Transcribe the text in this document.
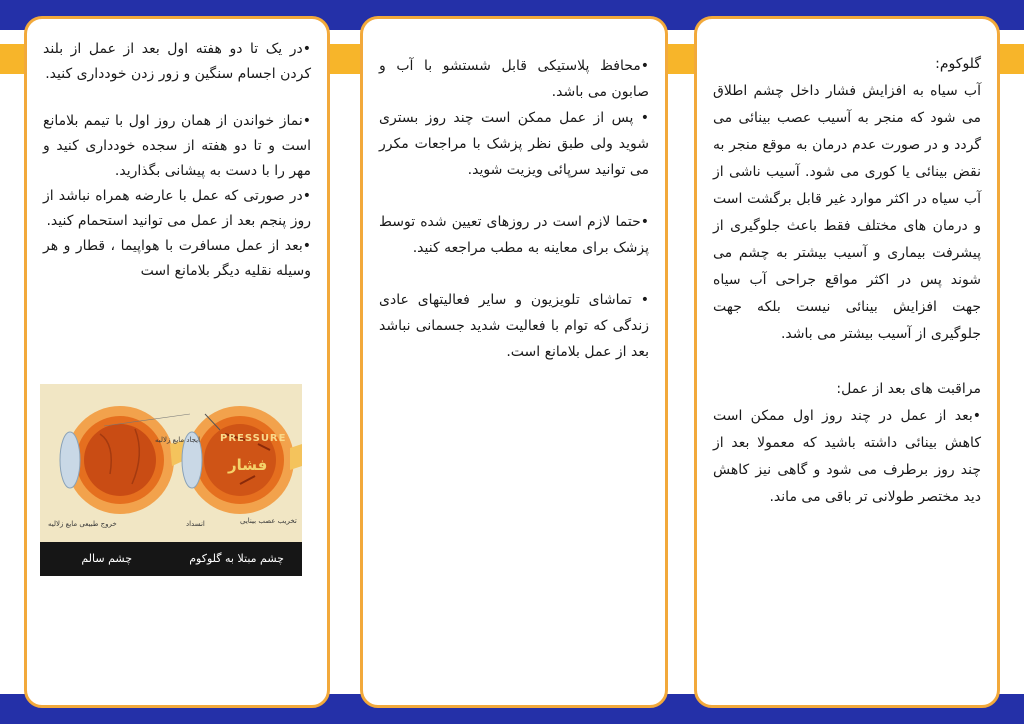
•در یک تا دو هفته اول بعد از عمل از بلند کردن اجسام سنگین و زور زدن خودداری کنید.

•نماز خواندن از همان روز اول با تیمم بلامانع است و تا دو هفته از سجده خودداری کنید و مهر را با دست به پیشانی بگذارید.

•در صورتی که عمل با عارضه همراه نباشد از روز پنجم بعد از عمل می توانید استحمام کنید.

•بعد از عمل مسافرت با هواپیما ، قطار و هر وسیله نقلیه دیگر بلامانع است

ایجاد مایع زلالیه PRESSURE
فشار
خروج طبیعی مایع زلالیه	انسداد	تخریب عصب بینایی
چشم مبتلا به گلوکوم
چشم سالم

•محافظ پلاستیکی قابل شستشو با آب و صابون می باشد.

• پس از عمل ممکن است چند روز بستری شوید ولی طبق نظر پزشک با مراجعات مکرر می توانید سرپائی ویزیت شوید.

•حتما لازم است در روزهای تعیین شده توسط پزشک برای معاینه به مطب مراجعه کنید.

• تماشای تلویزیون و سایر فعالیتهای عادی زندگی که توام با فعالیت شدید جسمانی نباشد بعد از عمل بلامانع است.

گلوکوم:

آب سیاه به افزایش فشار داخل چشم اطلاق می شود که منجر به آسیب عصب بینائی می گردد و در صورت عدم درمان به موقع منجر به نقض بینائی یا کوری می شود. آسیب ناشی از آب سیاه در اکثر موارد غیر قابل برگشت است و درمان های مختلف فقط باعث جلوگیری از پیشرفت بیماری و آسیب بیشتر به چشم می شوند پس در اکثر مواقع جراحی آب سیاه جهت افزایش بینائی نیست بلکه جهت جلوگیری از آسیب بیشتر می باشد.

مراقبت های بعد از عمل:

•بعد از عمل در چند روز اول ممکن است کاهش بینائی داشته باشید که معمولا بعد از چند روز برطرف می شود و گاهی نیز کاهش دید مختصر طولانی تر باقی می ماند.
